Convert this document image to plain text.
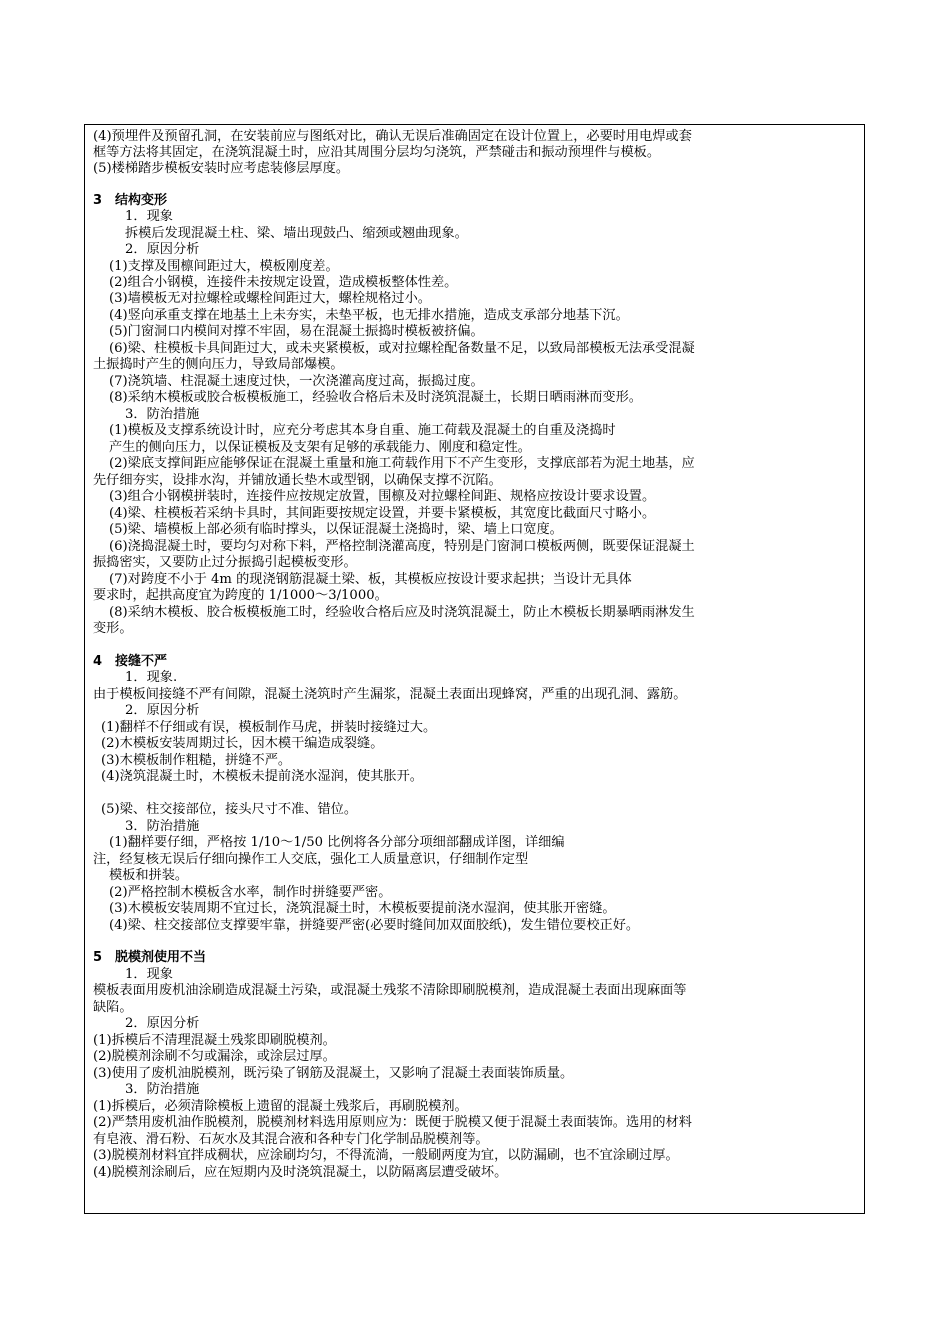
(4)预埋件及预留孔洞，在安装前应与图纸对比，确认无误后准确固定在设计位置上，必要时用电焊或套
框等方法将其固定，在浇筑混凝土时，应沿其周围分层均匀浇筑，严禁碰击和振动预埋件与模板。
(5)楼梯踏步模板安装时应考虑装修层厚度。
3　结构变形
1．现象
拆模后发现混凝土柱、梁、墙出现鼓凸、缩颈或翘曲现象。
2．原因分析
(1)支撑及围檩间距过大，模板刚度差。
(2)组合小钢模，连接件未按规定设置，造成模板整体性差。
(3)墙模板无对拉螺栓或螺栓间距过大，螺栓规格过小。
(4)竖向承重支撑在地基土上未夯实，未垫平板，也无排水措施，造成支承部分地基下沉。
(5)门窗洞口内模间对撑不牢固，易在混凝土振捣时模板被挤偏。
(6)梁、柱模板卡具间距过大，或未夹紧模板，或对拉螺栓配备数量不足，以致局部模板无法承受混凝
土振捣时产生的侧向压力，导致局部爆模。
(7)浇筑墙、柱混凝土速度过快，一次浇灌高度过高，振捣过度。
(8)采纳木模板或胶合板模板施工，经验收合格后未及时浇筑混凝土，长期日晒雨淋而变形。
3．防治措施
(1)模板及支撑系统设计时，应充分考虑其本身自重、施工荷载及混凝土的自重及浇捣时
产生的侧向压力，以保证模板及支架有足够的承载能力、刚度和稳定性。
(2)梁底支撑间距应能够保证在混凝土重量和施工荷载作用下不产生变形，支撑底部若为泥土地基，应
先仔细夯实，设排水沟，并铺放通长垫木或型钢，以确保支撑不沉陷。
(3)组合小钢模拼装时，连接件应按规定放置，围檩及对拉螺栓间距、规格应按设计要求设置。
(4)梁、柱模板若采纳卡具时，其间距要按规定设置，并要卡紧模板，其宽度比截面尺寸略小。
(5)梁、墙模板上部必须有临时撑头，以保证混凝土浇捣时，梁、墙上口宽度。
(6)浇捣混凝土时，要均匀对称下料，严格控制浇灌高度，特别是门窗洞口模板两侧，既要保证混凝土
振捣密实，又要防止过分振捣引起模板变形。
(7)对跨度不小于 4m 的现浇钢筋混凝土梁、板，其模板应按设计要求起拱；当设计无具体
要求时，起拱高度宜为跨度的 1/1000～3/1000。
(8)采纳木模板、胶合板模板施工时，经验收合格后应及时浇筑混凝土，防止木模板长期暴晒雨淋发生
变形。
4　接缝不严
1．现象.
由于模板间接缝不严有间隙，混凝土浇筑时产生漏浆，混凝土表面出现蜂窝，严重的出现孔洞、露筋。
2．原因分析
(1)翻样不仔细或有误，模板制作马虎，拼装时接缝过大。
(2)木模板安装周期过长，因木模干编造成裂缝。
(3)木模板制作粗糙，拼缝不严。
(4)浇筑混凝土时，木模板未提前浇水湿润，使其胀开。
(5)梁、柱交接部位，接头尺寸不准、错位。
3．防治措施
(1)翻样要仔细，严格按 1/10～1/50 比例将各分部分项细部翻成详图，详细编
注，经复核无误后仔细向操作工人交底，强化工人质量意识，仔细制作定型
模板和拼装。
(2)严格控制木模板含水率，制作时拼缝要严密。
(3)木模板安装周期不宜过长，浇筑混凝土时，木模板要提前浇水湿润，使其胀开密缝。
(4)梁、柱交接部位支撑要牢靠，拼缝要严密(必要时缝间加双面胶纸)，发生错位要校正好。
5　脱模剂使用不当
1．现象
模板表面用废机油涂刷造成混凝土污染，或混凝土残浆不清除即刷脱模剂，造成混凝土表面出现麻面等
缺陷。
2．原因分析
(1)拆模后不清理混凝土残浆即刷脱模剂。
(2)脱模剂涂刷不匀或漏涂，或涂层过厚。
(3)使用了废机油脱模剂，既污染了钢筋及混凝土，又影响了混凝土表面装饰质量。
3．防治措施
(1)拆模后，必须清除模板上遗留的混凝土残浆后，再刷脱模剂。
(2)严禁用废机油作脱模剂，脱模剂材料选用原则应为：既便于脱模又便于混凝土表面装饰。选用的材料
有皂液、滑石粉、石灰水及其混合液和各种专门化学制品脱模剂等。
(3)脱模剂材料宜拌成稠状，应涂刷均匀，不得流淌，一般刷两度为宜，以防漏刷，也不宜涂刷过厚。
(4)脱模剂涂刷后，应在短期内及时浇筑混凝土，以防隔离层遭受破坏。
